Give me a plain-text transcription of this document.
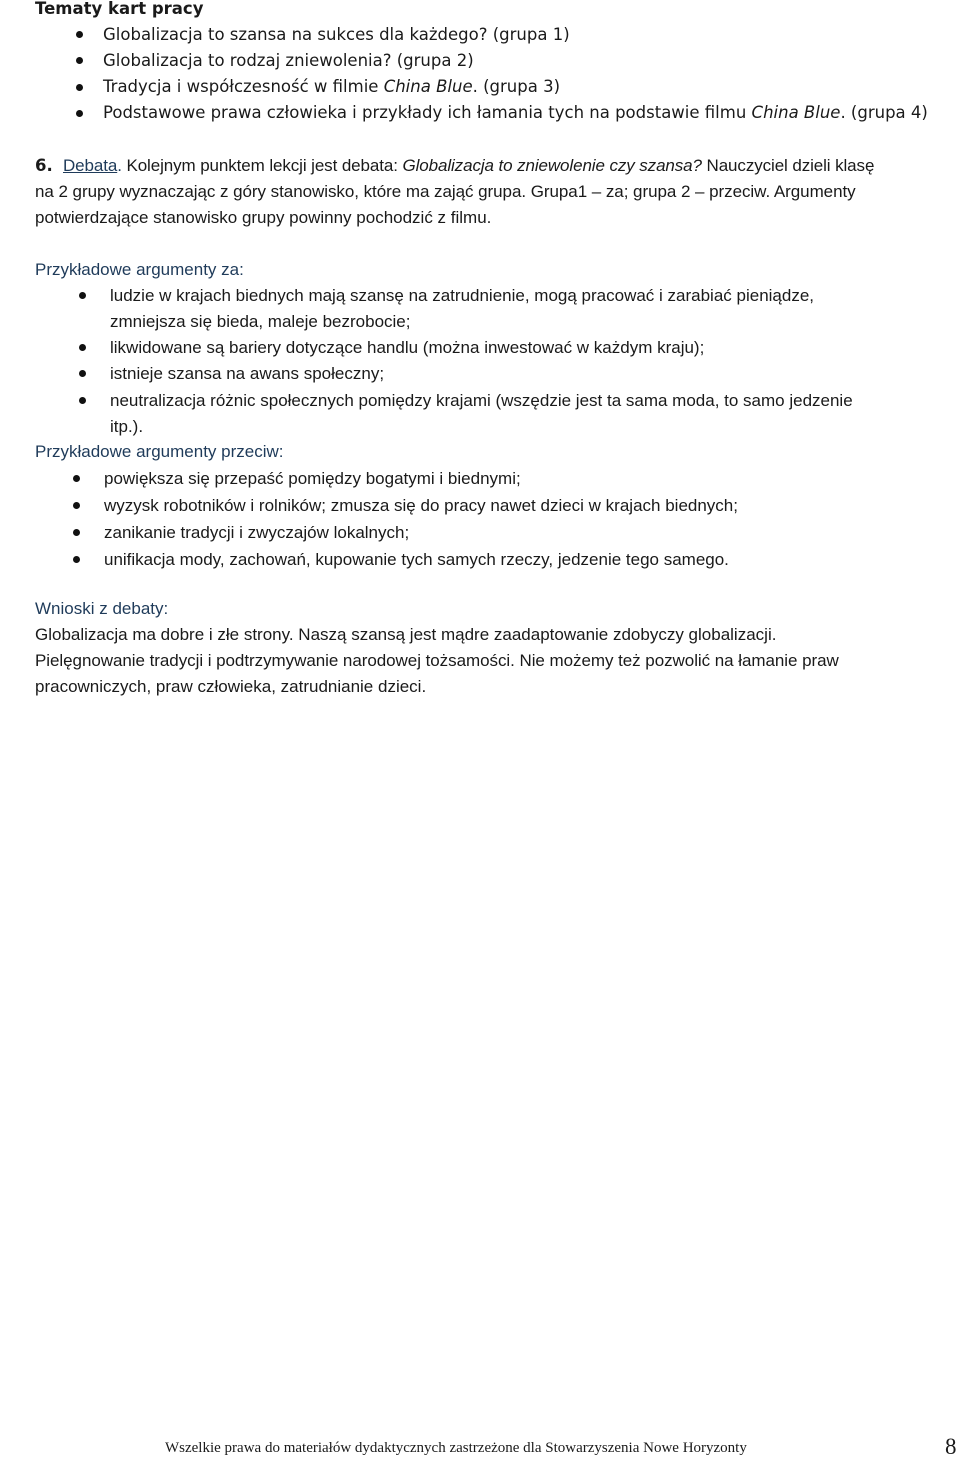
Tematy kart pracy
Globalizacja to szansa na sukces dla każdego? (grupa 1)
Globalizacja to rodzaj zniewolenia? (grupa 2)
Tradycja i współczesność w filmie China Blue. (grupa 3)
Podstawowe prawa człowieka i przykłady ich łamania tych na podstawie filmu China Blue. (grupa 4)
6. Debata. Kolejnym punktem lekcji jest debata: Globalizacja to zniewolenie czy szansa? Nauczyciel dzieli klasę
na 2 grupy wyznaczając z góry stanowisko, które ma zająć grupa. Grupa1 – za; grupa 2 – przeciw. Argumenty
potwierdzające stanowisko grupy powinny pochodzić z filmu.
Przykładowe argumenty za:
ludzie w krajach biednych mają szansę na zatrudnienie, mogą pracować i zarabiać pieniądze,
zmniejsza się bieda, maleje bezrobocie;
likwidowane są bariery dotyczące handlu (można inwestować w każdym kraju);
istnieje szansa na awans społeczny;
neutralizacja różnic społecznych pomiędzy krajami (wszędzie jest ta sama moda, to samo jedzenie
itp.).
Przykładowe argumenty przeciw:
powiększa się przepaść pomiędzy bogatymi i biednymi;
wyzysk robotników i rolników; zmusza się do pracy nawet dzieci w krajach biednych;
zanikanie tradycji i zwyczajów lokalnych;
unifikacja mody, zachowań, kupowanie tych samych rzeczy, jedzenie tego samego.
Wnioski z debaty:
Globalizacja ma dobre i złe strony. Naszą szansą jest mądre zaadaptowanie zdobyczy globalizacji.
Pielęgnowanie tradycji i podtrzymywanie narodowej tożsamości. Nie możemy też pozwolić na łamanie praw
pracowniczych, praw człowieka, zatrudnianie dzieci.
Wszelkie prawa do materiałów dydaktycznych zastrzeżone dla Stowarzyszenia Nowe Horyzonty	8
